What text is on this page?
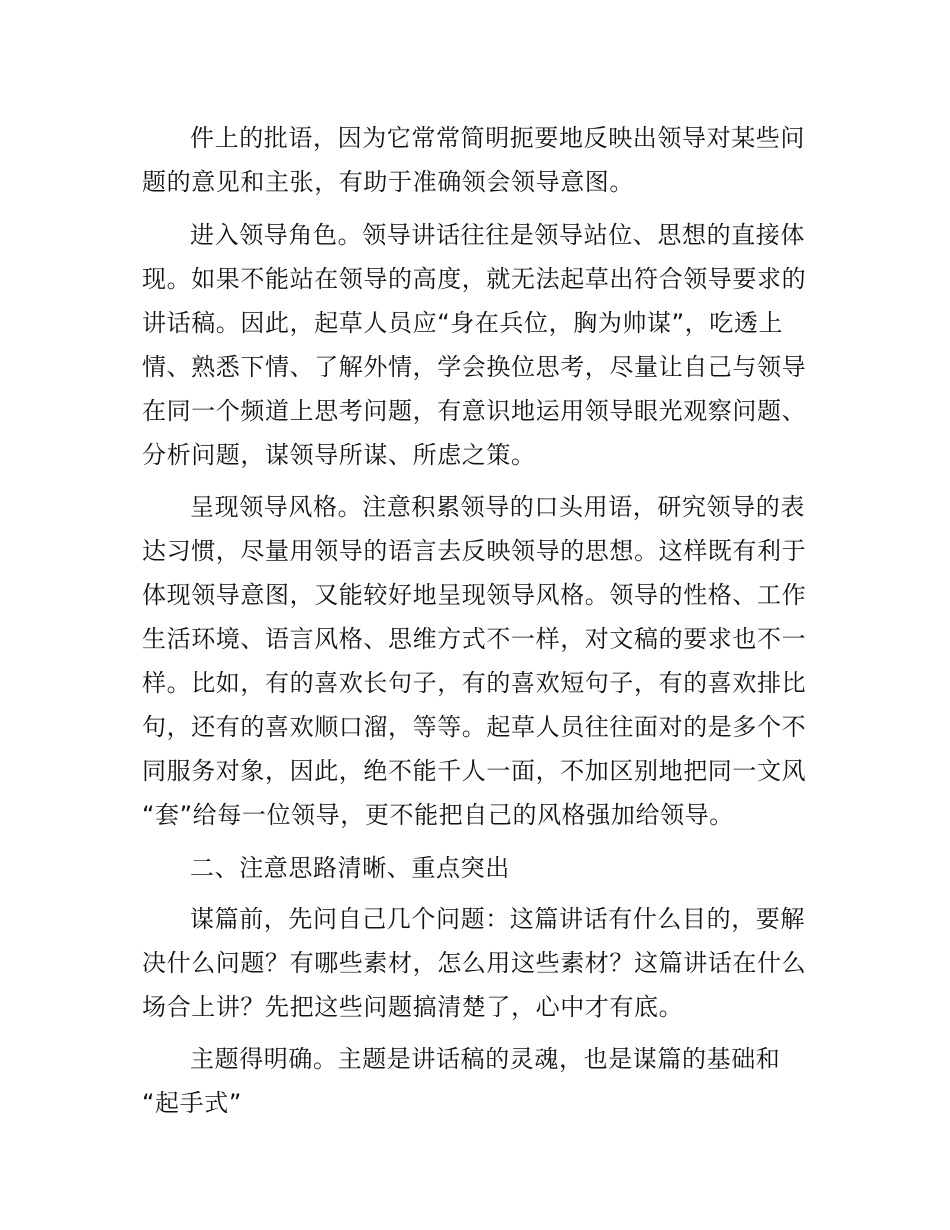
件上的批语，因为它常常简明扼要地反映出领导对某些问
题的意见和主张，有助于准确领会领导意图。
进入领导角色。领导讲话往往是领导站位、思想的直接体
现。如果不能站在领导的高度，就无法起草出符合领导要求的
讲话稿。因此，起草人员应“身在兵位，胸为帅谋”，吃透上
情、熟悉下情、了解外情，学会换位思考，尽量让自己与领导
在同一个频道上思考问题，有意识地运用领导眼光观察问题、
分析问题，谋领导所谋、所虑之策。
呈现领导风格。注意积累领导的口头用语，研究领导的表
达习惯，尽量用领导的语言去反映领导的思想。这样既有利于
体现领导意图，又能较好地呈现领导风格。领导的性格、工作
生活环境、语言风格、思维方式不一样，对文稿的要求也不一
样。比如，有的喜欢长句子，有的喜欢短句子，有的喜欢排比
句，还有的喜欢顺口溜，等等。起草人员往往面对的是多个不
同服务对象，因此，绝不能千人一面，不加区别地把同一文风
“套”给每一位领导，更不能把自己的风格强加给领导。
二、注意思路清晰、重点突出
谋篇前，先问自己几个问题：这篇讲话有什么目的，要解
决什么问题？有哪些素材，怎么用这些素材？这篇讲话在什么
场合上讲？先把这些问题搞清楚了，心中才有底。
主题得明确。主题是讲话稿的灵魂，也是谋篇的基础和
“起手式”
